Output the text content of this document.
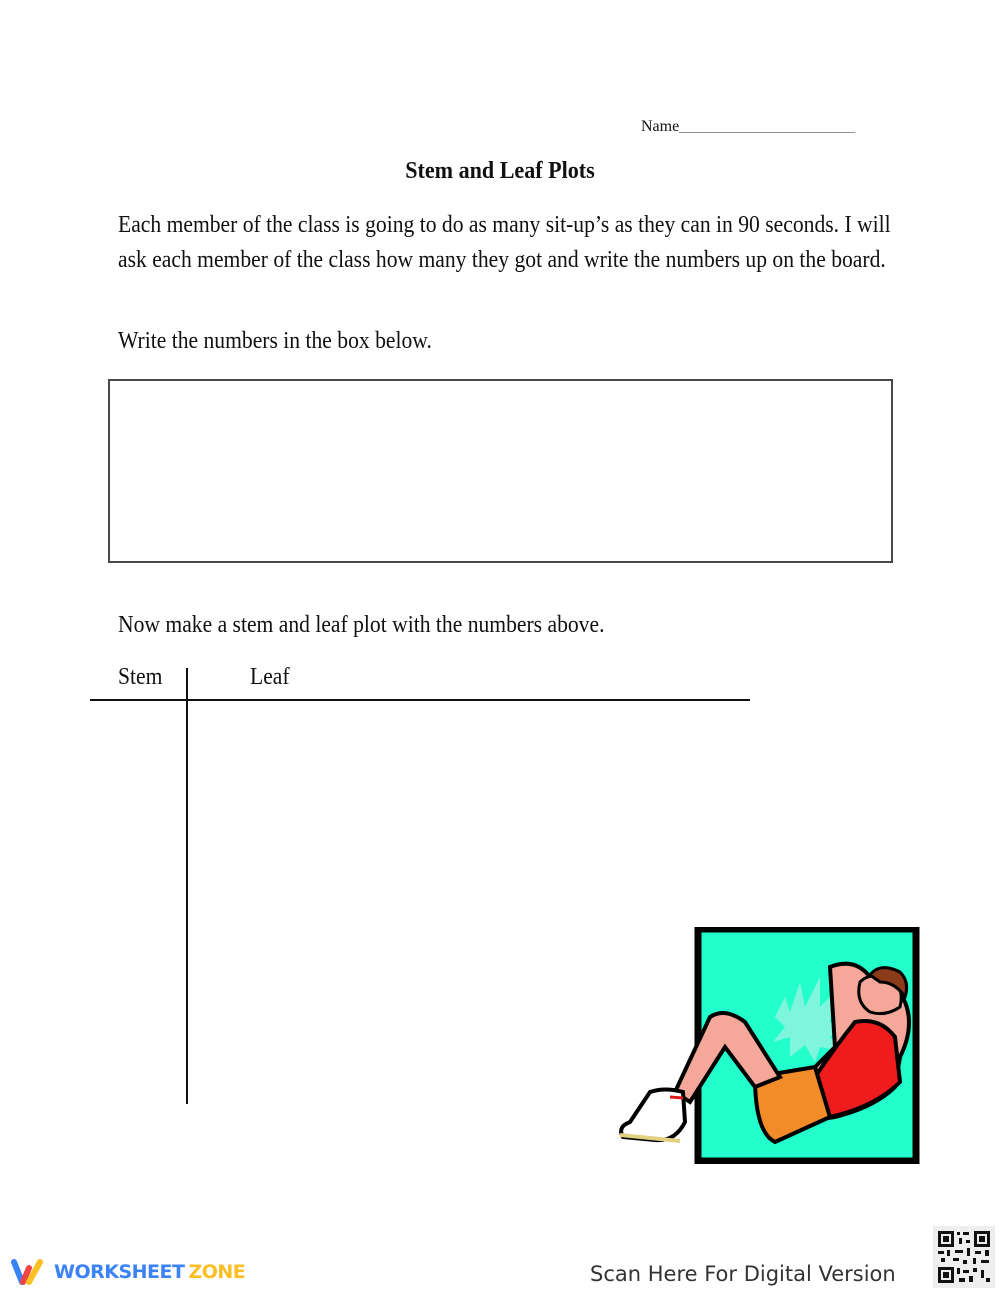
Name______________________
Stem and Leaf Plots
Each member of the class is going to do as many sit-up’s as they can in 90 seconds. I will ask each member of the class how many they got and write the numbers up on the board.
Write the numbers in the box below.
Now make a stem and leaf plot with the numbers above.
Stem	Leaf
WORKSHEET ZONE	Scan Here For Digital Version
